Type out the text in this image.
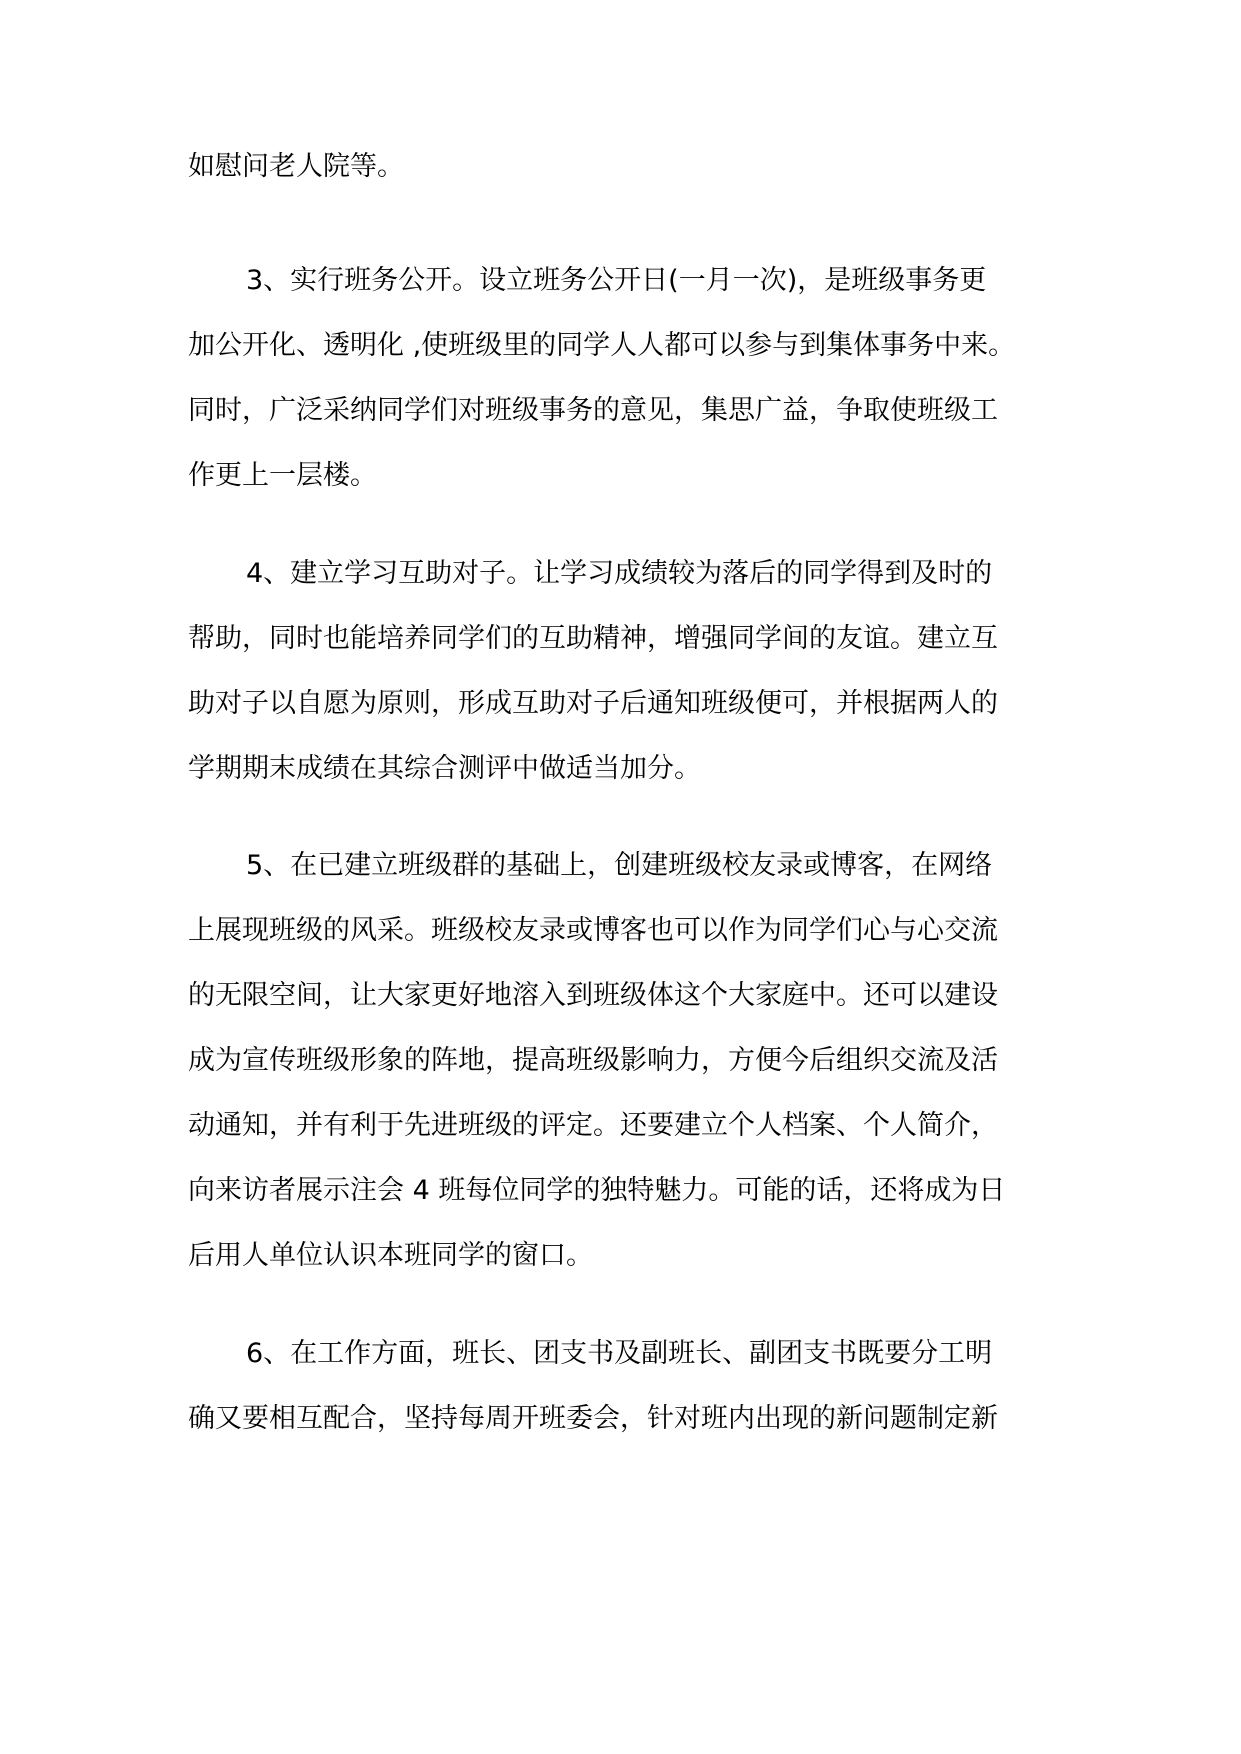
如慰问老人院等。
3、实行班务公开。设立班务公开日(一月一次)，是班级事务更
加公开化、透明化 ,使班级里的同学人人都可以参与到集体事务中来。
同时，广泛采纳同学们对班级事务的意见，集思广益，争取使班级工
作更上一层楼。
4、建立学习互助对子。让学习成绩较为落后的同学得到及时的
帮助，同时也能培养同学们的互助精神，增强同学间的友谊。建立互
助对子以自愿为原则，形成互助对子后通知班级便可，并根据两人的
学期期末成绩在其综合测评中做适当加分。
5、在已建立班级群的基础上，创建班级校友录或博客，在网络
上展现班级的风采。班级校友录或博客也可以作为同学们心与心交流
的无限空间，让大家更好地溶入到班级体这个大家庭中。还可以建设
成为宣传班级形象的阵地，提高班级影响力，方便今后组织交流及活
动通知，并有利于先进班级的评定。还要建立个人档案、个人简介，
向来访者展示注会 4 班每位同学的独特魅力。可能的话，还将成为日
后用人单位认识本班同学的窗口。
6、在工作方面，班长、团支书及副班长、副团支书既要分工明
确又要相互配合，坚持每周开班委会，针对班内出现的新问题制定新
